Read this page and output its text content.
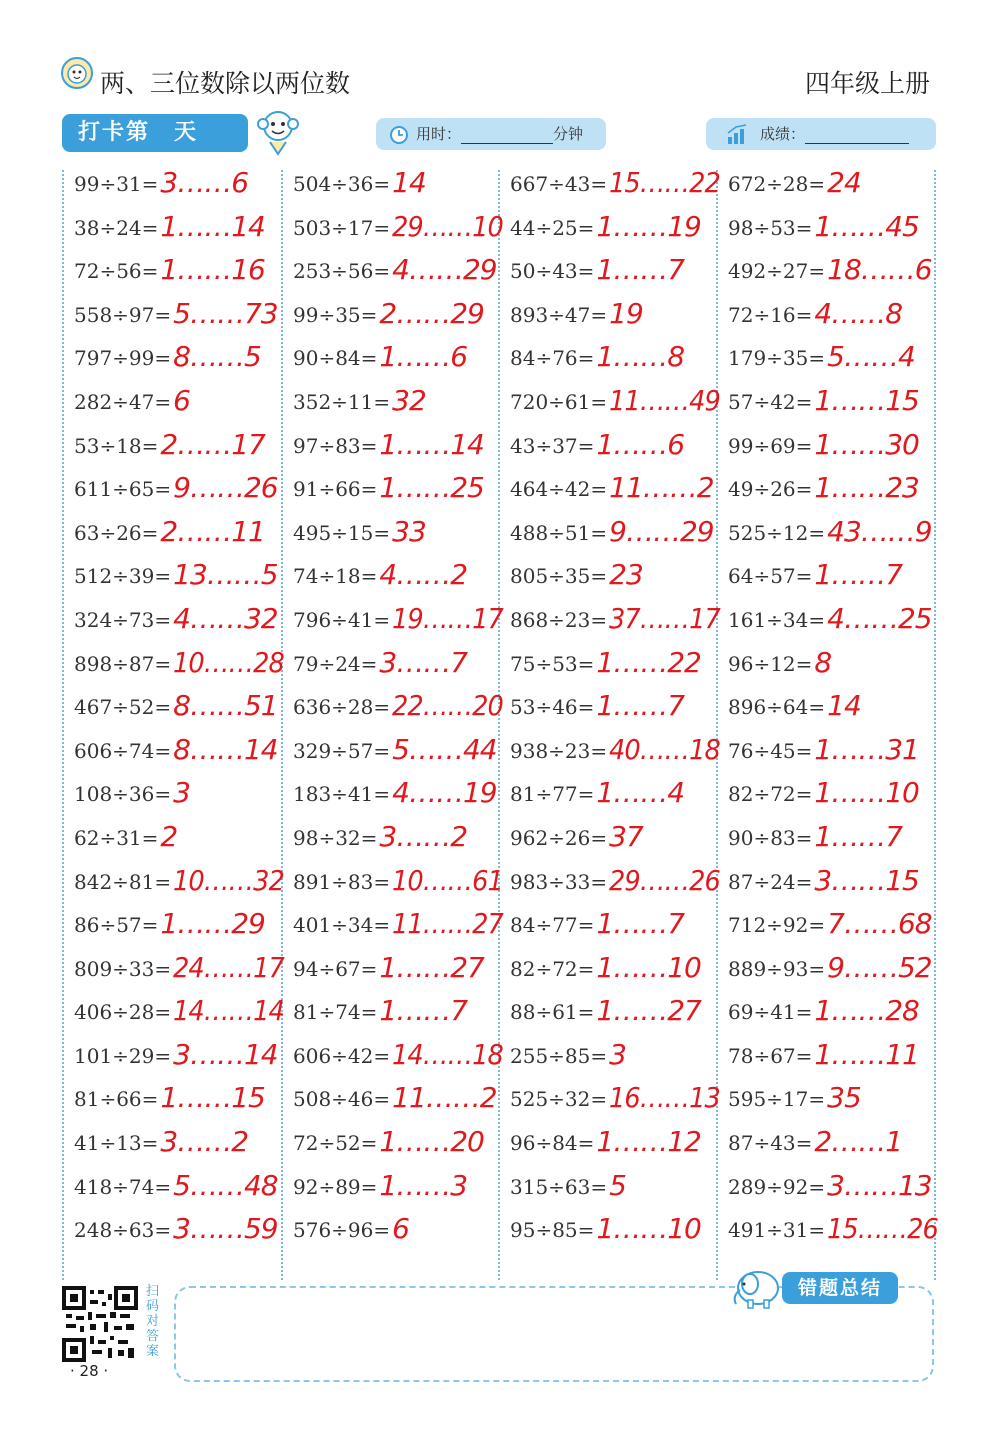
两、三位数除以两位数	四年级上册
打卡第　天	用时：	分钟	成绩：
99÷31= 3……6
38÷24= 1……14
72÷56= 1……16
558÷97= 5……73
797÷99= 8……5
282÷47= 6
53÷18= 2……17
611÷65= 9……26
63÷26= 2……11
512÷39= 13……5
324÷73= 4……32
898÷87= 10……28
467÷52= 8……51
606÷74= 8……14
108÷36= 3
62÷31= 2
842÷81= 10……32
86÷57= 1……29
809÷33= 24……17
406÷28= 14……14
101÷29= 3……14
81÷66= 1……15
41÷13= 3……2
418÷74= 5……48
248÷63= 3……59
504÷36= 14
503÷17= 29……10
253÷56= 4……29
99÷35= 2……29
90÷84= 1……6
352÷11= 32
97÷83= 1……14
91÷66= 1……25
495÷15= 33
74÷18= 4……2
796÷41= 19……17
79÷24= 3……7
636÷28= 22……20
329÷57= 5……44
183÷41= 4……19
98÷32= 3……2
891÷83= 10……61
401÷34= 11……27
94÷67= 1……27
81÷74= 1……7
606÷42= 14……18
508÷46= 11……2
72÷52= 1……20
92÷89= 1……3
576÷96= 6
667÷43= 15……22
44÷25= 1……19
50÷43= 1……7
893÷47= 19
84÷76= 1……8
720÷61= 11……49
43÷37= 1……6
464÷42= 11……2
488÷51= 9……29
805÷35= 23
868÷23= 37……17
75÷53= 1……22
53÷46= 1……7
938÷23= 40……18
81÷77= 1……4
962÷26= 37
983÷33= 29……26
84÷77= 1……7
82÷72= 1……10
88÷61= 1……27
255÷85= 3
525÷32= 16……13
96÷84= 1……12
315÷63= 5
95÷85= 1……10
672÷28= 24
98÷53= 1……45
492÷27= 18……6
72÷16= 4……8
179÷35= 5……4
57÷42= 1……15
99÷69= 1……30
49÷26= 1……23
525÷12= 43……9
64÷57= 1……7
161÷34= 4……25
96÷12= 8
896÷64= 14
76÷45= 1……31
82÷72= 1……10
90÷83= 1……7
87÷24= 3……15
712÷92= 7……68
889÷93= 9……52
69÷41= 1……28
78÷67= 1……11
595÷17= 35
87÷43= 2……1
289÷92= 3……13
491÷31= 15……26
扫码对答案
· 28 ·
错题总结
